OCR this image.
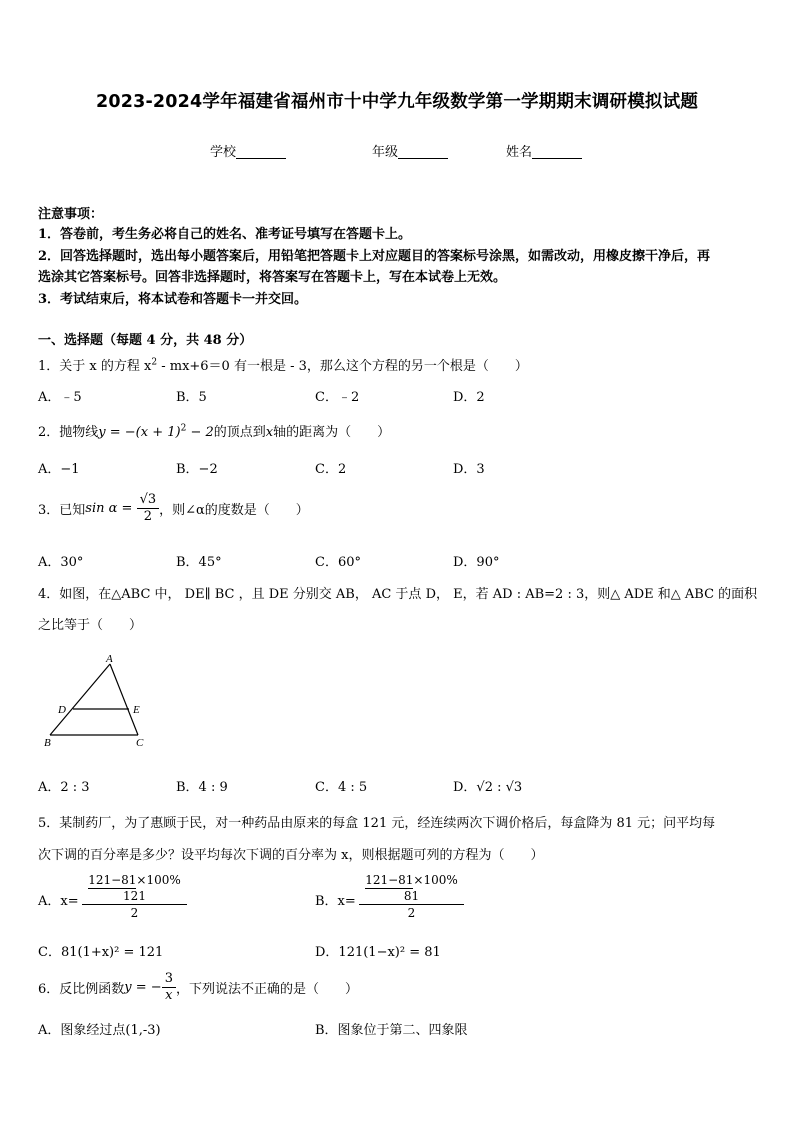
2023-2024学年福建省福州市十中学九年级数学第一学期期末调研模拟试题
学校	年级	姓名
注意事项：
1．答卷前，考生务必将自己的姓名、准考证号填写在答题卡上。
2．回答选择题时，选出每小题答案后，用铅笔把答题卡上对应题目的答案标号涂黑，如需改动，用橡皮擦干净后，再
选涂其它答案标号。回答非选择题时，将答案写在答题卡上，写在本试卷上无效。
3．考试结束后，将本试卷和答题卡一并交回。
一、选择题（每题 4 分，共 48 分）
1．关于 x 的方程 $x^2 - mx+6=0$ 有一根是 - 3，那么这个方程的另一个根是（　　）
A．﹣5	B．5	C．﹣2	D．2
2．抛物线$y = -(x + 1)^2 - 2$的顶点到x轴的距离为（　　）
A．−1	B．−2	C．2	D．3
3．已知$\sin \alpha = \frac{√3}{2}$ ，则∠α的度数是（　　）
A．30°	B．45°	C．60°	D．90°
4．如图，在△ABC 中， DE∥ BC ，且 DE 分别交 AB， AC 于点 D， E，若 AD : AB=2 : 3，则△ ADE 和△ ABC 的面积
之比等于（　　）
A
D	E
B	C
A．2 : 3	B．4 : 9	C．4 : 5	D．√2 : √3
5．某制药厂，为了惠顾于民，对一种药品由原来的每盒 121 元，经连续两次下调价格后，每盒降为 81 元；问平均每
次下调的百分率是多少？设平均每次下调的百分率为 x，则根据题可列的方程为（　　）
A．x=
121−81×100%
121
2
B．x=
121−81×100%
81
2
C．81(1+x)² = 121	D．121(1−x)² = 81
6．反比例函数y = − $\frac{3}{x}$ ，下列说法不正确的是（　　）
A．图象经过点(1,-3)	B．图象位于第二、四象限
